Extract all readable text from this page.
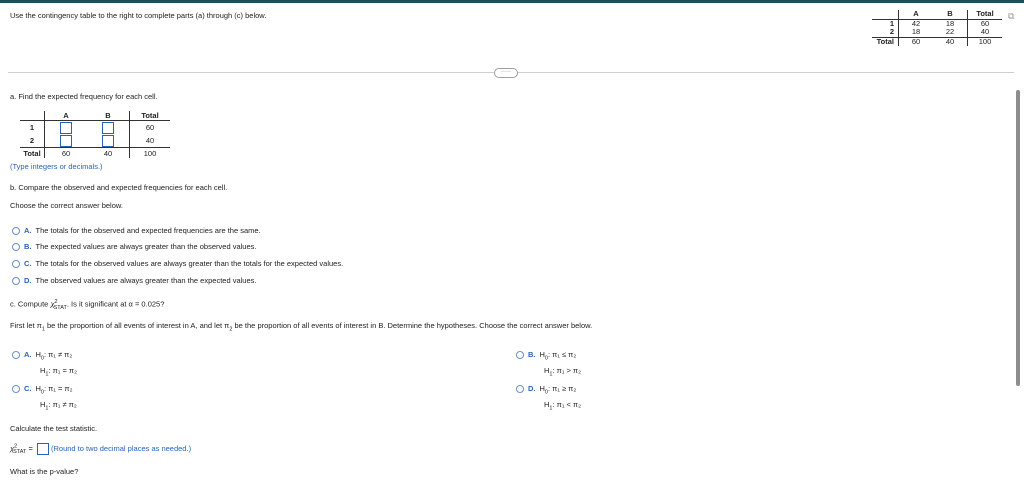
Use the contingency table to the right to complete parts (a) through (c) below.
		A	B	Total
1	42	18	60
2	18	22	40
Total	60	40	100
⧉
·····
a. Find the expected frequency for each cell.
	A	B	Total
1			60
2			40
Total	60	40	100
(Type integers or decimals.)
b. Compare the observed and expected frequencies for each cell.
Choose the correct answer below.
A. The totals for the observed and expected frequencies are the same.
B. The expected values are always greater than the observed values.
C. The totals for the observed values are always greater than the totals for the expected values.
D. The observed values are always greater than the expected values.
c. Compute $\chi^2_{STAT}$. Is it significant at α = 0.025?
First let $\pi_1$ be the proportion of all events of interest in A, and let $\pi_2$ be the proportion of all events of interest in B. Determine the hypotheses. Choose the correct answer below.
A. $H_0$: π₁ ≠ π₂
$H_1$: π₁ = π₂
B. $H_0$: π₁ ≤ π₂
$H_1$: π₁ > π₂
C. $H_0$: π₁ = π₂
$H_1$: π₁ ≠ π₂
D. $H_0$: π₁ ≥ π₂
$H_1$: π₁ < π₂
Calculate the test statistic.
$\chi^2_{STAT}$ = (Round to two decimal places as needed.)
What is the p-value?
